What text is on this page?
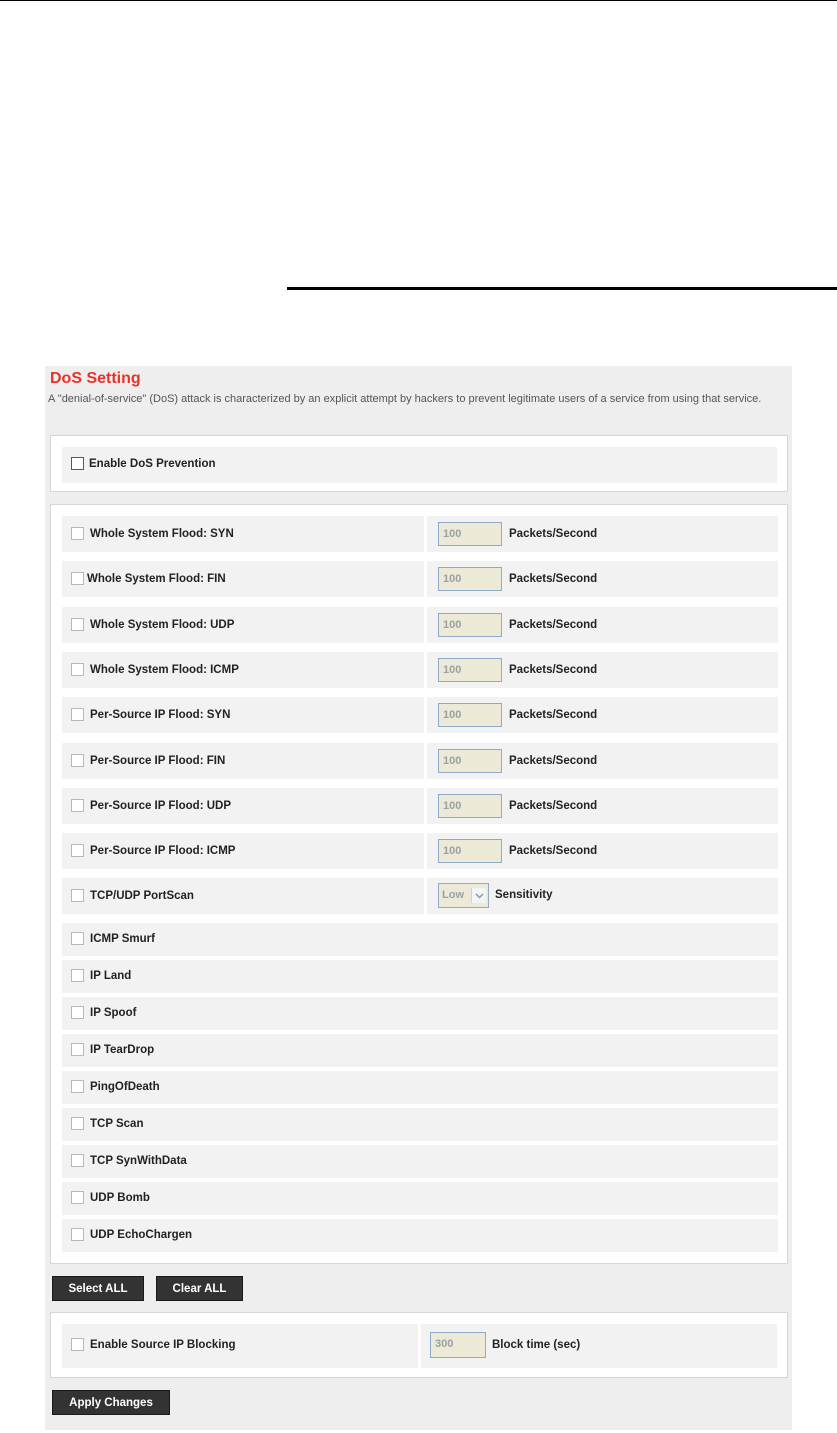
DoS Setting
A "denial-of-service" (DoS) attack is characterized by an explicit attempt by hackers to prevent legitimate users of a service from using that service.
Enable DoS Prevention
Whole System Flood: SYN	100	Packets/Second
Whole System Flood: FIN	100	Packets/Second
Whole System Flood: UDP	100	Packets/Second
Whole System Flood: ICMP	100	Packets/Second
Per-Source IP Flood: SYN	100	Packets/Second
Per-Source IP Flood: FIN	100	Packets/Second
Per-Source IP Flood: UDP	100	Packets/Second
Per-Source IP Flood: ICMP	100	Packets/Second
TCP/UDP PortScan	Low	Sensitivity
ICMP Smurf
IP Land
IP Spoof
IP TearDrop
PingOfDeath
TCP Scan
TCP SynWithData
UDP Bomb
UDP EchoChargen
Select ALL	Clear ALL
Enable Source IP Blocking	300	Block time (sec)
Apply Changes
